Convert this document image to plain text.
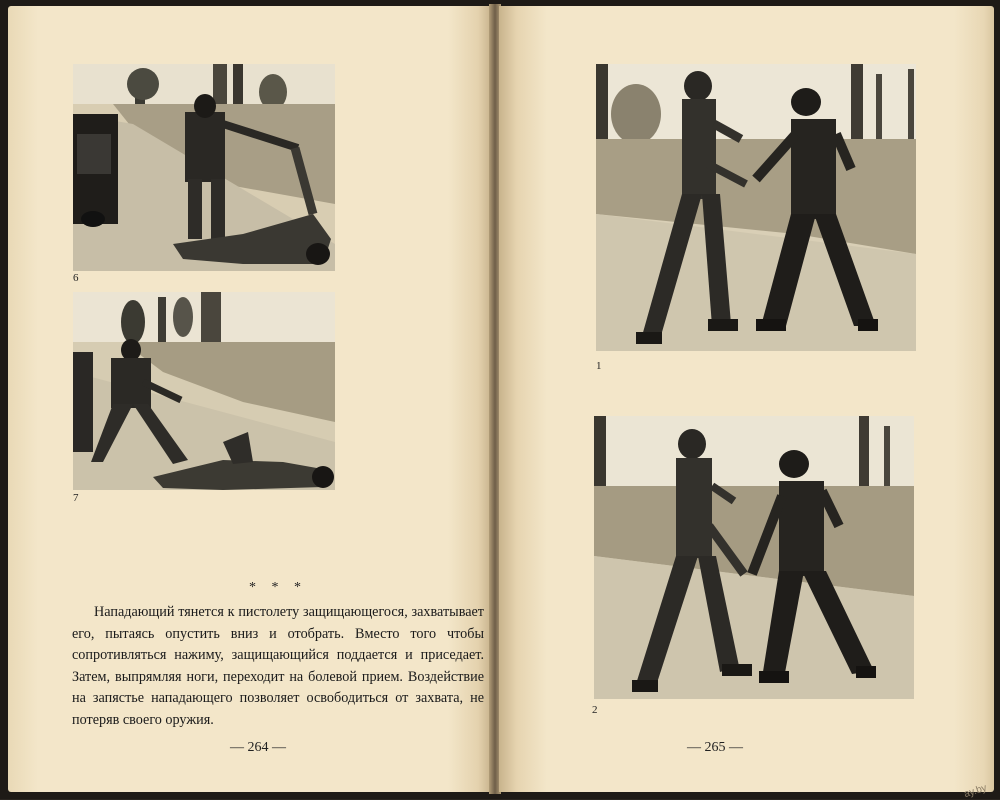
6
7
* * *

Нападающий тянется к пистолету защищающегося, захватывает его, пытаясь опустить вниз и отобрать. Вместо того чтобы сопротивляться нажиму, защищающийся поддается и приседает. Затем, выпрямляя ноги, переходит на болевой прием. Воздействие на запястье нападающего позволяет освободиться от захвата, не потеряв своего оружия.

— 264 —
1
2
— 265 —
ay.by
